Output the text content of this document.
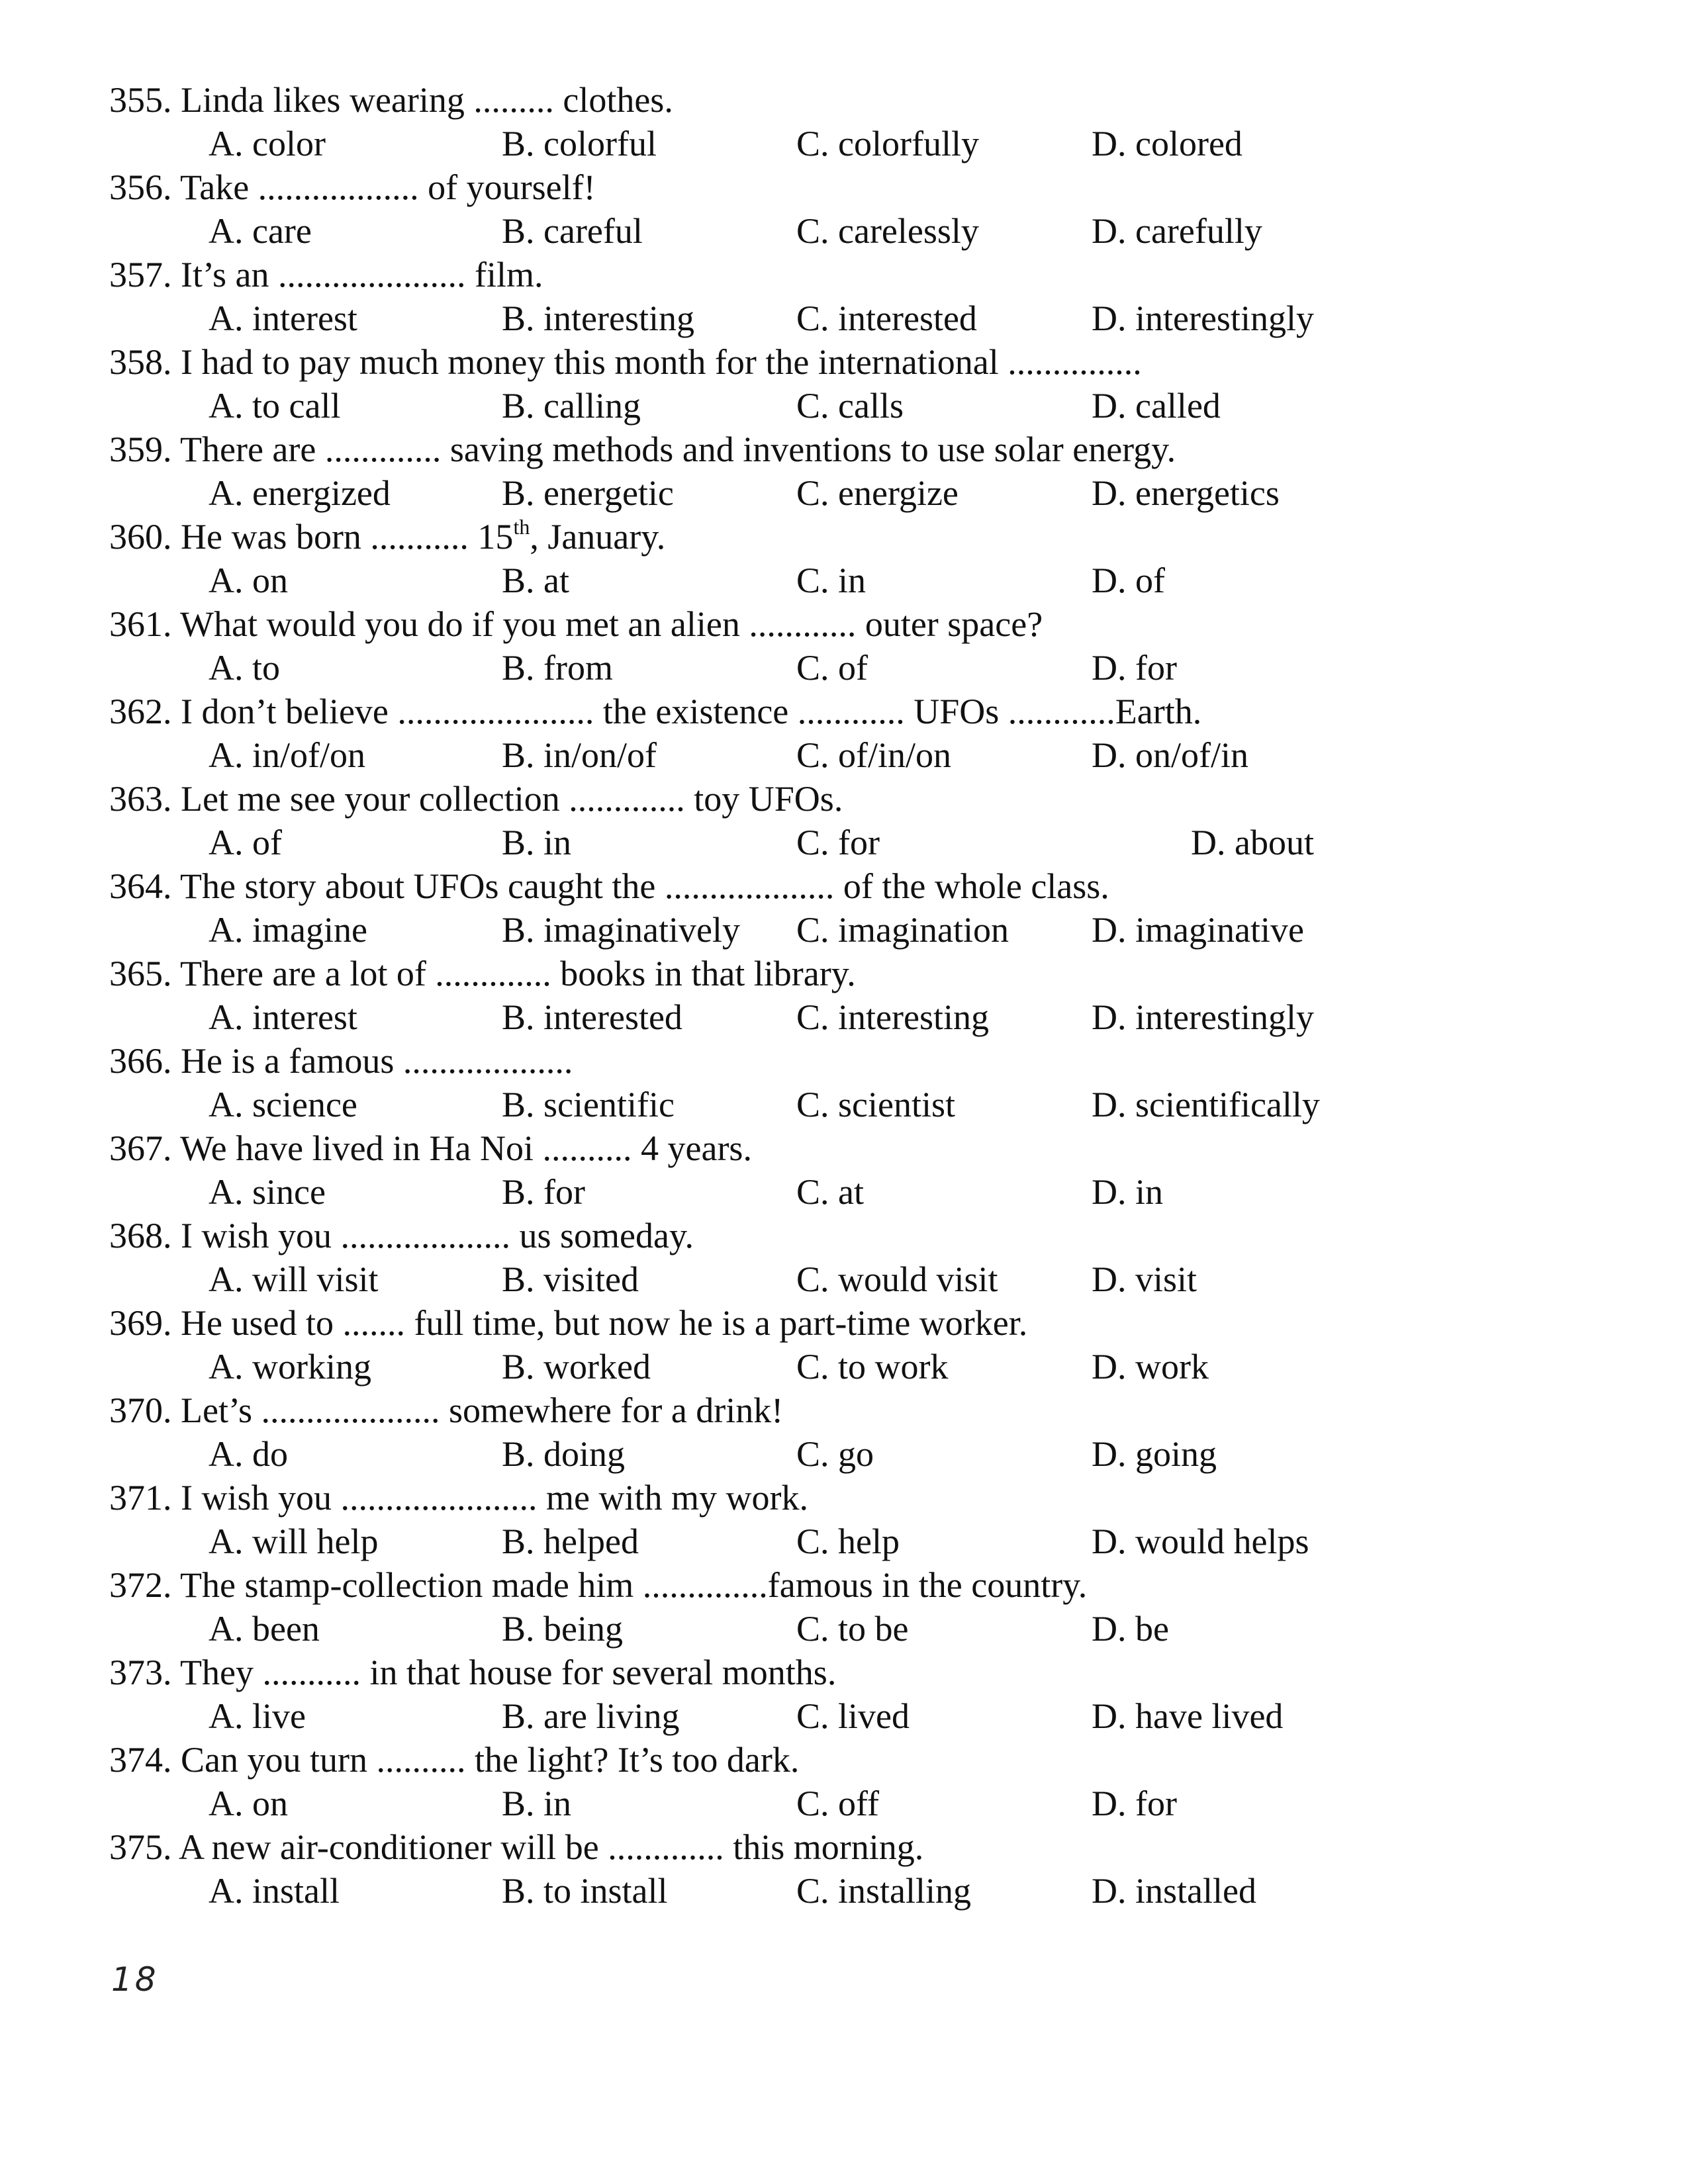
355. Linda likes wearing ......... clothes.
A. color	B. colorful	C. colorfully	D. colored
356. Take .................. of yourself!
A. care	B. careful	C. carelessly	D. carefully
357. It’s an ..................... film.
A. interest	B. interesting	C. interested	D. interestingly
358. I had to pay much money this month for the international ...............
A. to call	B. calling	C. calls	D. called
359. There are ............. saving methods and inventions to use solar energy.
A. energized	B. energetic	C. energize	D. energetics
360. He was born ........... 15th, January.
A. on	B. at	C. in	D. of
361. What would you do if you met an alien ............ outer space?
A. to	B. from	C. of	D. for
362. I don’t believe ...................... the existence ............ UFOs ............Earth.
A. in/of/on	B. in/on/of	C. of/in/on	D. on/of/in
363. Let me see your collection ............. toy UFOs.
A. of	B. in	C. for	D. about
364. The story about UFOs caught the ................... of the whole class.
A. imagine	B. imaginatively C. imagination D. imaginative
365. There are a lot of ............. books in that library.
A. interest	B. interested	C. interesting	D. interestingly
366. He is a famous ...................
A. science	B. scientific	C. scientist	D. scientifically
367. We have lived in Ha Noi .......... 4 years.
A. since	B. for	C. at	D. in
368. I wish you ................... us someday.
A. will visit	B. visited	C. would visit	D. visit
369. He used to ....... full time, but now he is a part-time worker.
A. working	B. worked	C. to work	D. work
370. Let’s .................... somewhere for a drink!
A. do	B. doing	C. go	D. going
371. I wish you ...................... me with my work.
A. will help	B. helped	C. help	D. would helps
372. The stamp-collection made him ..............famous in the country.
A. been	B. being	C. to be	D. be
373. They ........... in that house for several months.
A. live	B. are living	C. lived	D. have lived
374. Can you turn .......... the light? It’s too dark.
A. on	B. in	C. off	D. for
375. A new air-conditioner will be ............. this morning.
A. install	B. to install	C. installing	D. installed
18
